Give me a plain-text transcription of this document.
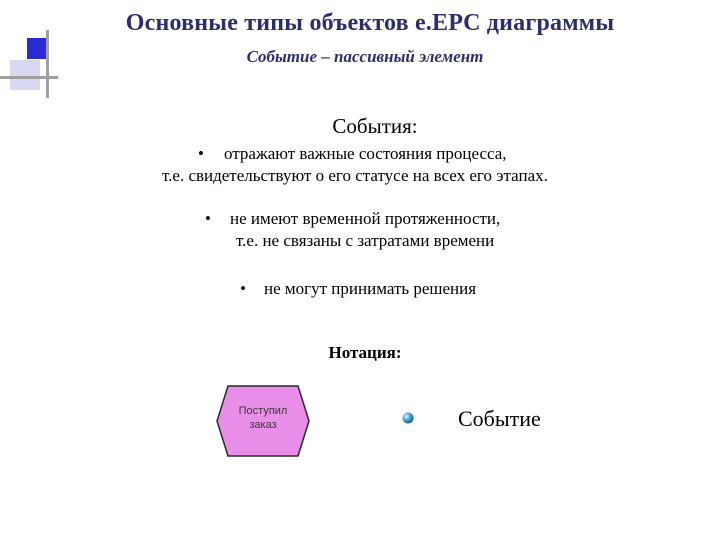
Основные типы объектов e.EPC диаграммы
Событие – пассивный элемент
События:
•	отражают важные состояния процесса,
т.е. свидетельствуют о его статусе на всех его этапах.
•	не имеют временной протяженности,
т.е. не связаны с затратами времени
•	не могут принимать решения
Нотация:
Поступил
заказ	Событие
